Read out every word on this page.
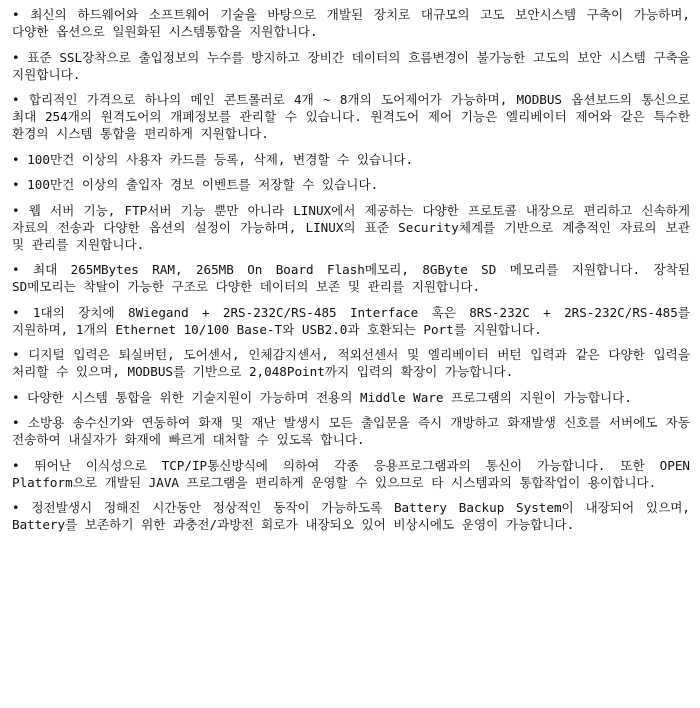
• 최신의 하드웨어와 소프트웨어 기술을 바탕으로 개발된 장치로 대규모의 고도 보안시스템 구축이 가능하며, 다양한 옵션으로 일원화된 시스템통합을 지원합니다.
• 표준 SSL장착으로 출입정보의 누수를 방지하고 장비간 데이터의 흐름변경이 불가능한 고도의 보안 시스템 구축을 지원합니다.
• 합리적인 가격으로 하나의 메인 콘트롤러로 4개 ~ 8개의 도어제어가 가능하며, MODBUS 옵션보드의 통신으로 최대 254개의 원격도어의 개폐정보를 관리할 수 있습니다. 원격도어 제어 기능은 엘리베이터 제어와 같은 특수한 환경의 시스템 통합을 편리하게 지원합니다.
• 100만건 이상의 사용자 카드를 등록, 삭제, 변경할 수 있습니다.
• 100만건 이상의 출입자 경보 이벤트를 저장할 수 있습니다.
• 웹 서버 기능, FTP서버 기능 뿐만 아니라 LINUX에서 제공하는 다양한 프로토콜 내장으로 편리하고 신속하게 자료의 전송과 다양한 옵션의 설정이 가능하며, LINUX의 표준 Security체계를 기반으로 계층적인 자료의 보관 및 관리를 지원합니다.
• 최대 265MBytes RAM, 265MB On Board Flash메모리, 8GByte SD 메모리를 지원합니다. 장착된 SD메모리는 착탈이 가능한 구조로 다양한 데이터의 보존 및 관리를 지원합니다.
• 1대의 장치에 8Wiegand + 2RS-232C/RS-485 Interface 혹은 8RS-232C + 2RS-232C/RS-485를 지원하며, 1개의 Ethernet 10/100 Base-T와 USB2.0과 호환되는 Port를 지원합니다.
• 디지털 입력은 퇴실버턴, 도어센서, 인체감지센서, 적외선센서 및 엘리베이터 버턴 입력과 같은 다양한 입력을 처리할 수 있으며, MODBUS를 기반으로 2,048Point까지 입력의 확장이 가능합니다.
• 다양한 시스템 통합을 위한 기술지원이 가능하며 전용의 Middle Ware 프로그램의 지원이 가능합니다.
• 소방용 송수신기와 연동하여 화재 및 재난 발생시 모든 출입문을 즉시 개방하고 화재발생 신호를 서버에도 자동 전송하여 내실자가 화재에 빠르게 대처할 수 있도록 합니다.
• 뛰어난 이식성으로 TCP/IP통신방식에 의하여 각종 응용프로그램과의 통신이 가능합니다. 또한 OPEN Platform으로 개발된 JAVA 프로그램을 편리하게 운영할 수 있으므로 타 시스템과의 통합작업이 용이합니다.
• 정전발생시 정해진 시간동안 정상적인 동작이 가능하도록 Battery Backup System이 내장되어 있으며, Battery를 보존하기 위한 과충전/과방전 회로가 내장되오 있어 비상시에도 운영이 가능합니다.
